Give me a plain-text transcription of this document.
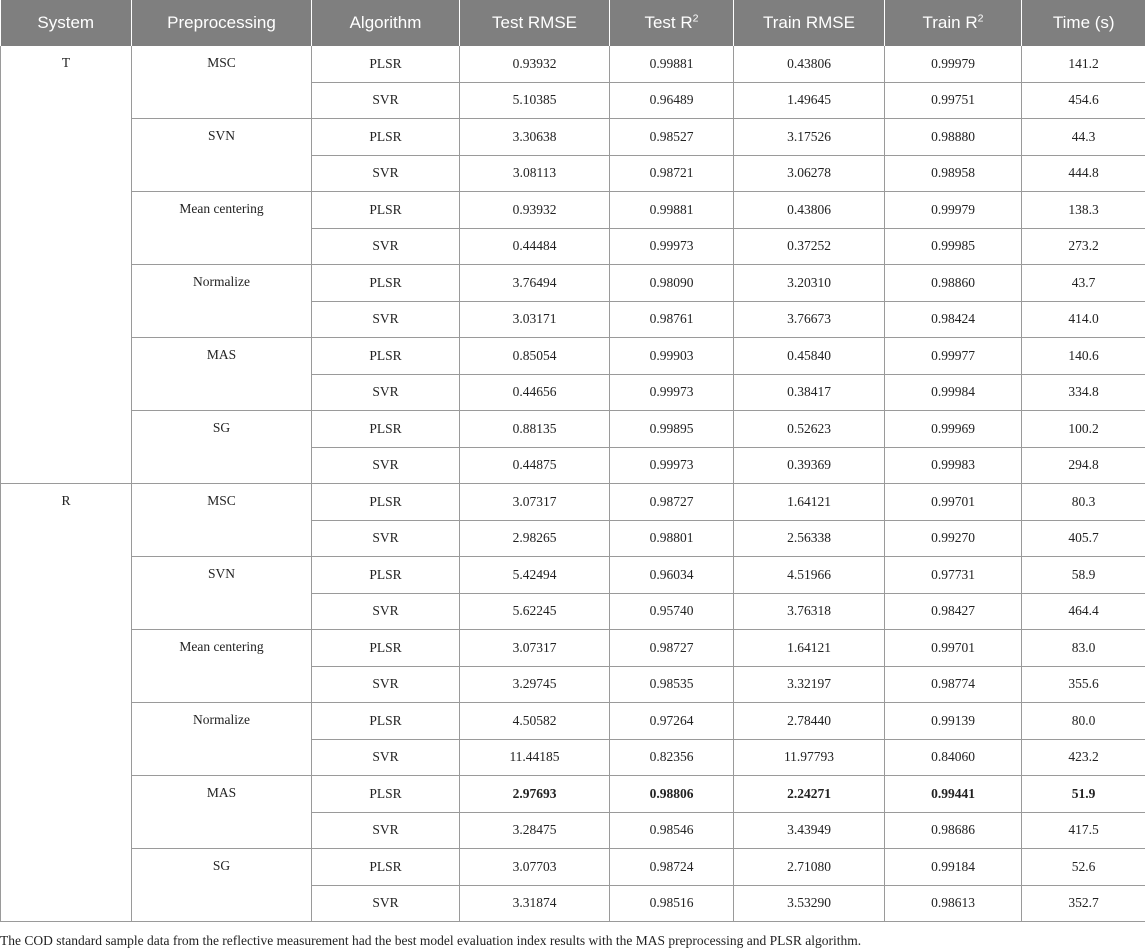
System	Preprocessing	Algorithm	Test RMSE	Test $R^2$	Train RMSE	Train $R^2$	Time (s)
T	MSC	PLSR	0.93932	0.99881	0.43806	0.99979	141.2
		SVR	5.10385	0.96489	1.49645	0.99751	454.6
	SVN	PLSR	3.30638	0.98527	3.17526	0.98880	44.3
		SVR	3.08113	0.98721	3.06278	0.98958	444.8
	Mean centering	PLSR	0.93932	0.99881	0.43806	0.99979	138.3
		SVR	0.44484	0.99973	0.37252	0.99985	273.2
	Normalize	PLSR	3.76494	0.98090	3.20310	0.98860	43.7
		SVR	3.03171	0.98761	3.76673	0.98424	414.0
	MAS	PLSR	0.85054	0.99903	0.45840	0.99977	140.6
		SVR	0.44656	0.99973	0.38417	0.99984	334.8
	SG	PLSR	0.88135	0.99895	0.52623	0.99969	100.2
		SVR	0.44875	0.99973	0.39369	0.99983	294.8
R	MSC	PLSR	3.07317	0.98727	1.64121	0.99701	80.3
		SVR	2.98265	0.98801	2.56338	0.99270	405.7
	SVN	PLSR	5.42494	0.96034	4.51966	0.97731	58.9
		SVR	5.62245	0.95740	3.76318	0.98427	464.4
	Mean centering	PLSR	3.07317	0.98727	1.64121	0.99701	83.0
		SVR	3.29745	0.98535	3.32197	0.98774	355.6
	Normalize	PLSR	4.50582	0.97264	2.78440	0.99139	80.0
		SVR	11.44185	0.82356	11.97793	0.84060	423.2
	MAS	PLSR	2.97693	0.98806	2.24271	0.99441	51.9
		SVR	3.28475	0.98546	3.43949	0.98686	417.5
	SG	PLSR	3.07703	0.98724	2.71080	0.99184	52.6
		SVR	3.31874	0.98516	3.53290	0.98613	352.7
The COD standard sample data from the reflective measurement had the best model evaluation index results with the MAS preprocessing and PLSR algorithm.
